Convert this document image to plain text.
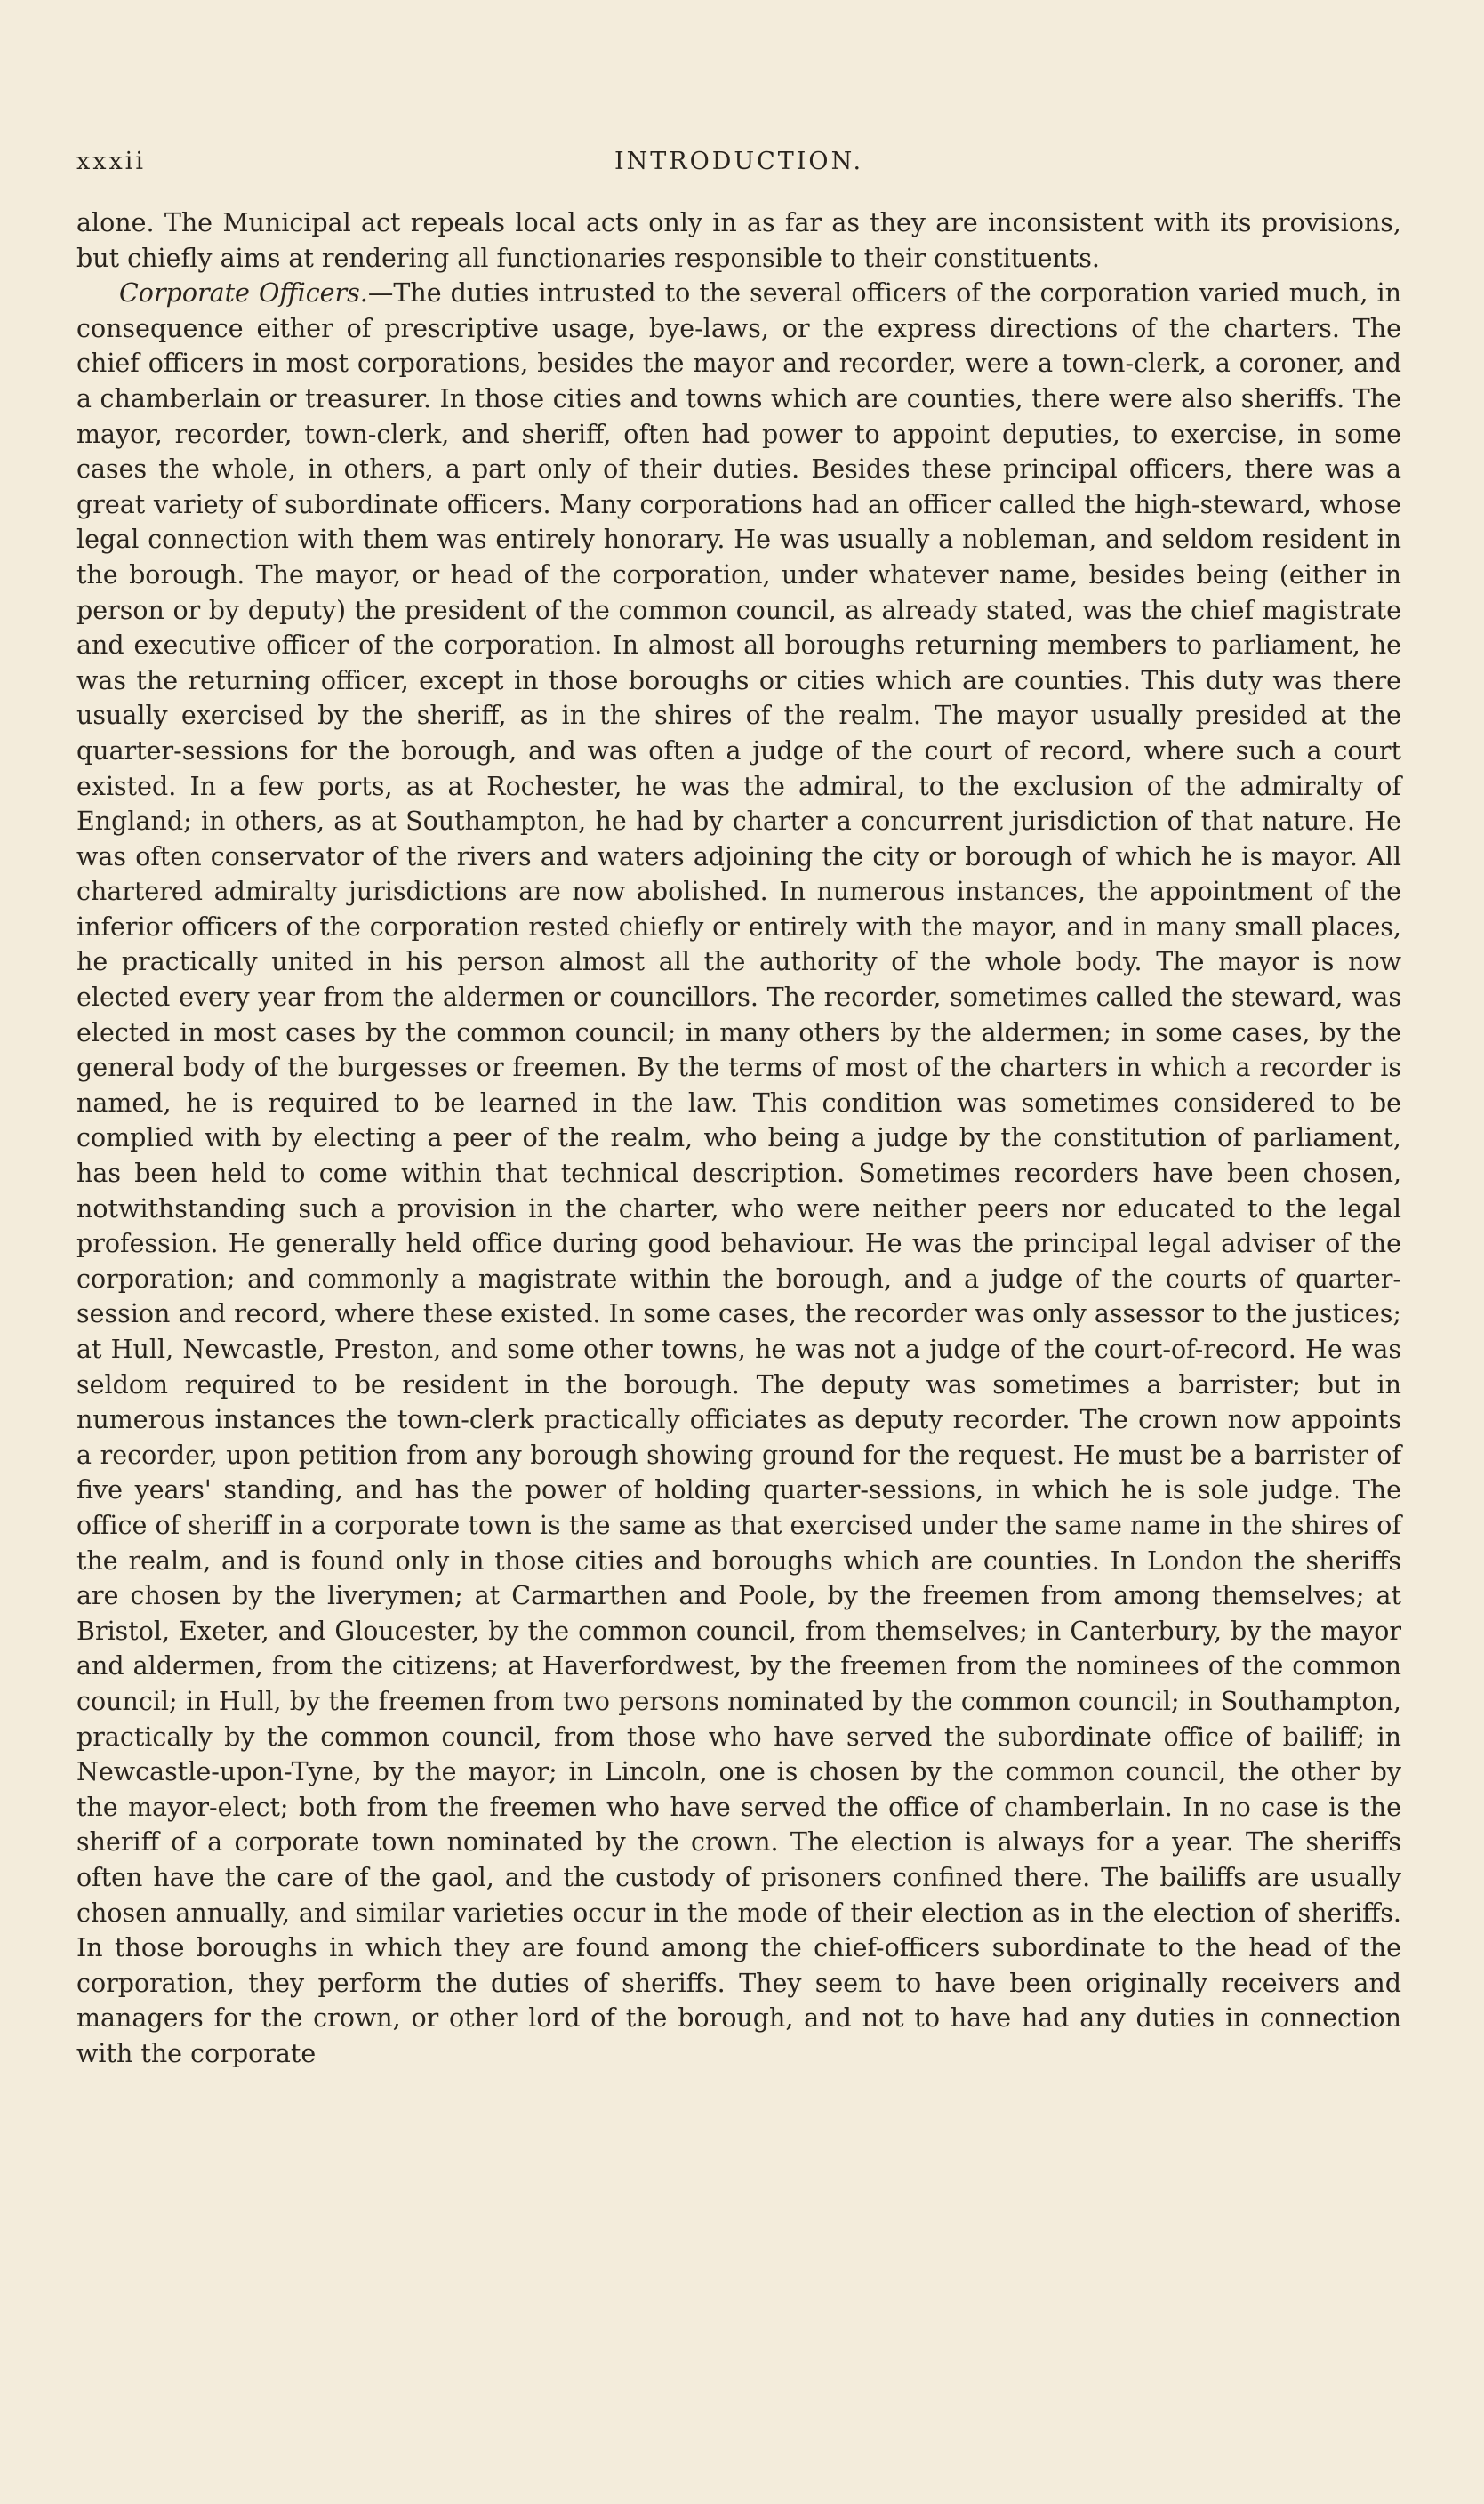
xxxii	INTRODUCTION.

alone. The Municipal act repeals local acts only in as far as they are inconsistent with its provisions, but chiefly aims at rendering all functionaries responsible to their constituents.

Corporate Officers.—The duties intrusted to the several officers of the corporation varied much, in consequence either of prescriptive usage, bye-laws, or the express directions of the charters. The chief officers in most corporations, besides the mayor and recorder, were a town-clerk, a coroner, and a chamberlain or treasurer. In those cities and towns which are counties, there were also sheriffs. The mayor, recorder, town-clerk, and sheriff, often had power to appoint deputies, to exercise, in some cases the whole, in others, a part only of their duties. Besides these principal officers, there was a great variety of subordinate officers. Many corporations had an officer called the high-steward, whose legal connection with them was entirely honorary. He was usually a nobleman, and seldom resident in the borough. The mayor, or head of the corporation, under whatever name, besides being (either in person or by deputy) the president of the common council, as already stated, was the chief magistrate and executive officer of the corporation. In almost all boroughs returning members to parliament, he was the returning officer, except in those boroughs or cities which are counties. This duty was there usually exercised by the sheriff, as in the shires of the realm. The mayor usually presided at the quarter-sessions for the borough, and was often a judge of the court of record, where such a court existed. In a few ports, as at Rochester, he was the admiral, to the exclusion of the admiralty of England; in others, as at Southampton, he had by charter a concurrent jurisdiction of that nature. He was often conservator of the rivers and waters adjoining the city or borough of which he is mayor. All chartered admiralty jurisdictions are now abolished. In numerous instances, the appointment of the inferior officers of the corporation rested chiefly or entirely with the mayor, and in many small places, he practically united in his person almost all the authority of the whole body. The mayor is now elected every year from the aldermen or councillors. The recorder, sometimes called the steward, was elected in most cases by the common council; in many others by the aldermen; in some cases, by the general body of the burgesses or freemen. By the terms of most of the charters in which a recorder is named, he is required to be learned in the law. This condition was sometimes considered to be complied with by electing a peer of the realm, who being a judge by the constitution of parliament, has been held to come within that technical description. Sometimes recorders have been chosen, notwithstanding such a provision in the charter, who were neither peers nor educated to the legal profession. He generally held office during good behaviour. He was the principal legal adviser of the corporation; and commonly a magistrate within the borough, and a judge of the courts of quarter-session and record, where these existed. In some cases, the recorder was only assessor to the justices; at Hull, Newcastle, Preston, and some other towns, he was not a judge of the court-of-record. He was seldom required to be resident in the borough. The deputy was sometimes a barrister; but in numerous instances the town-clerk practically officiates as deputy recorder. The crown now appoints a recorder, upon petition from any borough showing ground for the request. He must be a barrister of five years' standing, and has the power of holding quarter-sessions, in which he is sole judge. The office of sheriff in a corporate town is the same as that exercised under the same name in the shires of the realm, and is found only in those cities and boroughs which are counties. In London the sheriffs are chosen by the liverymen; at Carmarthen and Poole, by the freemen from among themselves; at Bristol, Exeter, and Gloucester, by the common council, from themselves; in Canterbury, by the mayor and aldermen, from the citizens; at Haverfordwest, by the freemen from the nominees of the common council; in Hull, by the freemen from two persons nominated by the common council; in Southampton, practically by the common council, from those who have served the subordinate office of bailiff; in Newcastle-upon-Tyne, by the mayor; in Lincoln, one is chosen by the common council, the other by the mayor-elect; both from the freemen who have served the office of chamberlain. In no case is the sheriff of a corporate town nominated by the crown. The election is always for a year. The sheriffs often have the care of the gaol, and the custody of prisoners confined there. The bailiffs are usually chosen annually, and similar varieties occur in the mode of their election as in the election of sheriffs. In those boroughs in which they are found among the chief-officers subordinate to the head of the corporation, they perform the duties of sheriffs. They seem to have been originally receivers and managers for the crown, or other lord of the borough, and not to have had any duties in connection with the corporate
